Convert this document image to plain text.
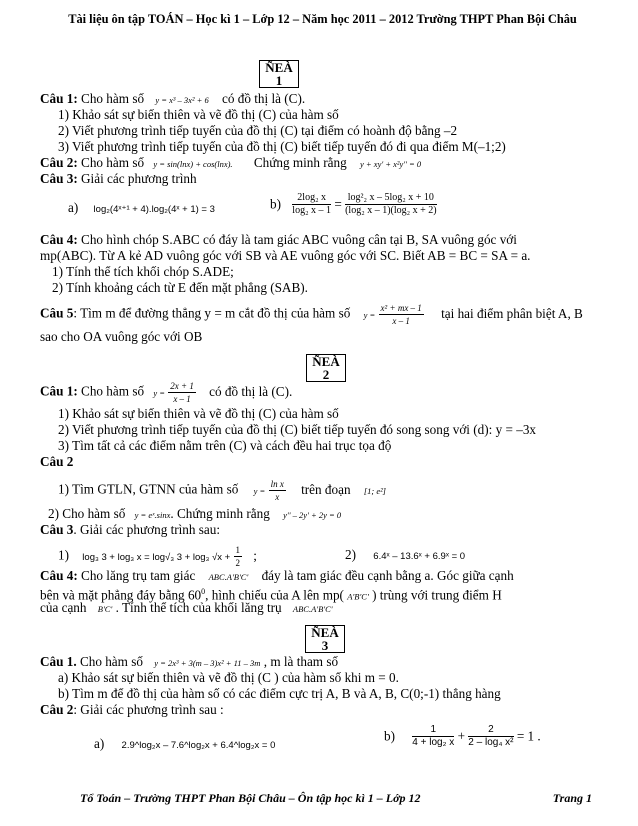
Tài liệu ôn tập TOÁN – Học kì 1 – Lớp 12 – Năm học 2011 – 2012 Trường THPT Phan Bội Châu
ÑEÀ
1
Câu 1: Cho hàm số y = x³ – 3x² + 6 có đồ thị là (C).
1) Khảo sát sự biến thiên và vẽ đồ thị (C) của hàm số
2) Viết phương trình tiếp tuyến của đồ thị (C) tại điểm có hoành độ bằng –2
3) Viết phương trình tiếp tuyến của đồ thị (C) biết tiếp tuyến đó đi qua điểm M(–1;2)
Câu 2: Cho hàm số y = sin(lnx) + cos(lnx). Chứng minh rằng y + xy' + x²y'' = 0
Câu 3: Giải các phương trình
a) log₂(4ˣ⁺¹ + 4).log₂(4ˣ + 1) = 3	$b) \frac{\text{2log₂ x}}{\text{log₂ x – 1}} = \frac{\text{log²₂ x – 5log₂ x + 10}}{\text{(log₂ x – 1)(log₂ x + 2)}}$
Câu 4: Cho hình chóp S.ABC có đáy là tam giác ABC vuông cân tại B, SA vuông góc với
mp(ABC). Từ A kẻ AD vuông góc với SB và AE vuông góc với SC. Biết AB = BC = SA = a.
1) Tính thể tích khối chóp S.ADE;
2) Tính khoảng cách từ E đến mặt phẳng (SAB).
Câu 5: Tìm m để đường thẳng y = m cắt đồ thị của hàm số $y = \frac{\text{x² + mx – 1}}{x - 1}$ tại hai điểm phân biệt A, B
sao cho OA vuông góc với OB
ÑEÀ
2
Câu 1: Cho hàm số $y = \frac{2x + 1}{x - 1}$ có đồ thị là (C).
1) Khảo sát sự biến thiên và vẽ đồ thị (C) của hàm số
2) Viết phương trình tiếp tuyến của đồ thị (C) biết tiếp tuyến đó song song với (d): y = –3x
3) Tìm tất cả các điểm nằm trên (C) và cách đều hai trục tọa độ
Câu 2
1) Tìm GTLN, GTNN của hàm số $y = \frac{\text{ln x}}{x}$ trên đoạn [1; e²]
2) Cho hàm số y = eˣ.sinx. Chứng minh rằng y'' – 2y' + 2y = 0
Câu 3. Giải các phương trình sau:
1) log₃ 3 + log₃ x = log√₃ 3 + log₃ $√x + \frac{1}{2}$ ;	2) 6.4ˣ – 13.6ˣ + 6.9ˣ = 0
Câu 4: Cho lăng trụ tam giác ABC.A'B'C' đáy là tam giác đều cạnh bằng a. Góc giữa cạnh
bên và mặt phẳng đáy bằng $60^0$, hình chiếu của A lên mp( A'B'C' ) trùng với trung điểm H
của cạnh B'C' . Tính thể tích của khối lăng trụ ABC.A'B'C'
ÑEÀ
3
Câu 1. Cho hàm số y = 2x³ + 3(m – 3)x² + 11 – 3m , m là tham số
a) Khảo sát sự biến thiên và vẽ đồ thị (C ) của hàm số khi m = 0.
b) Tìm m để đồ thị của hàm số có các điểm cực trị A, B và A, B, C(0;-1) thẳng hàng
Câu 2: Giải các phương trình sau :
a) 2.9^log₂x – 7.6^log₂x + 6.4^log₂x = 0
$b) \frac{1}{\text{4 + log₂ x}} + \frac{2}{\text{2 – log₄ x²}} = 1$ .
Tổ Toán – Trường THPT Phan Bội Châu – Ôn tập học kì 1 – Lớp 12	Trang 1
